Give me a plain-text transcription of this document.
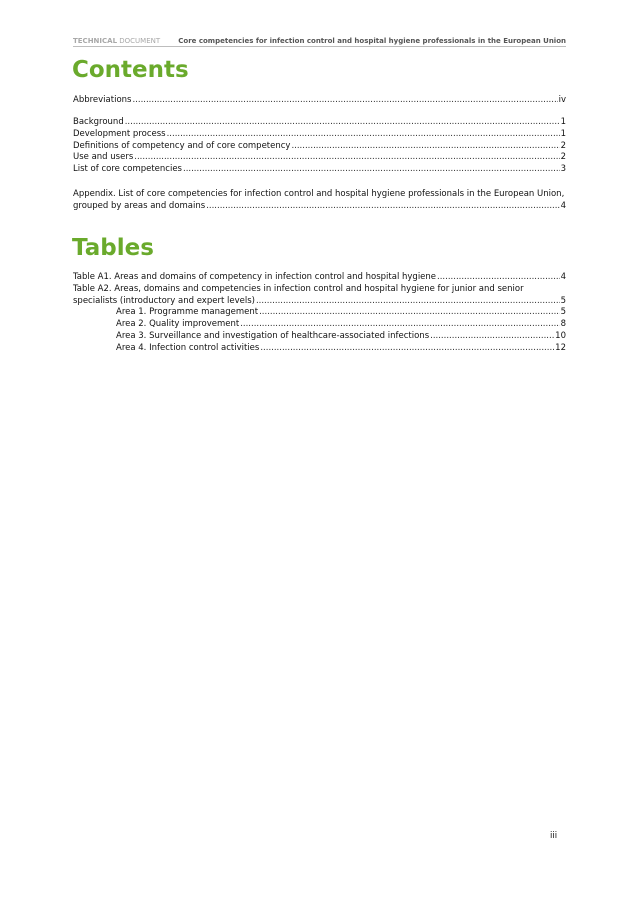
TECHNICAL DOCUMENT	Core competencies for infection control and hospital hygiene professionals in the European Union
Contents
Abbreviations .....	iv
Background .....	1
Development process .....	1
Definitions of competency and of core competency .....	2
Use and users .....	2
List of core competencies .....	3
Appendix. List of core competencies for infection control and hospital hygiene professionals in the European Union,
grouped by areas and domains .....	4
Tables
Table A1. Areas and domains of competency in infection control and hospital hygiene .....	4
Table A2. Areas, domains and competencies in infection control and hospital hygiene for junior and senior
specialists (introductory and expert levels) .....	5
Area 1. Programme management .....	5
Area 2. Quality improvement .....	8
Area 3. Surveillance and investigation of healthcare-associated infections .....	10
Area 4. Infection control activities .....	12
iii
